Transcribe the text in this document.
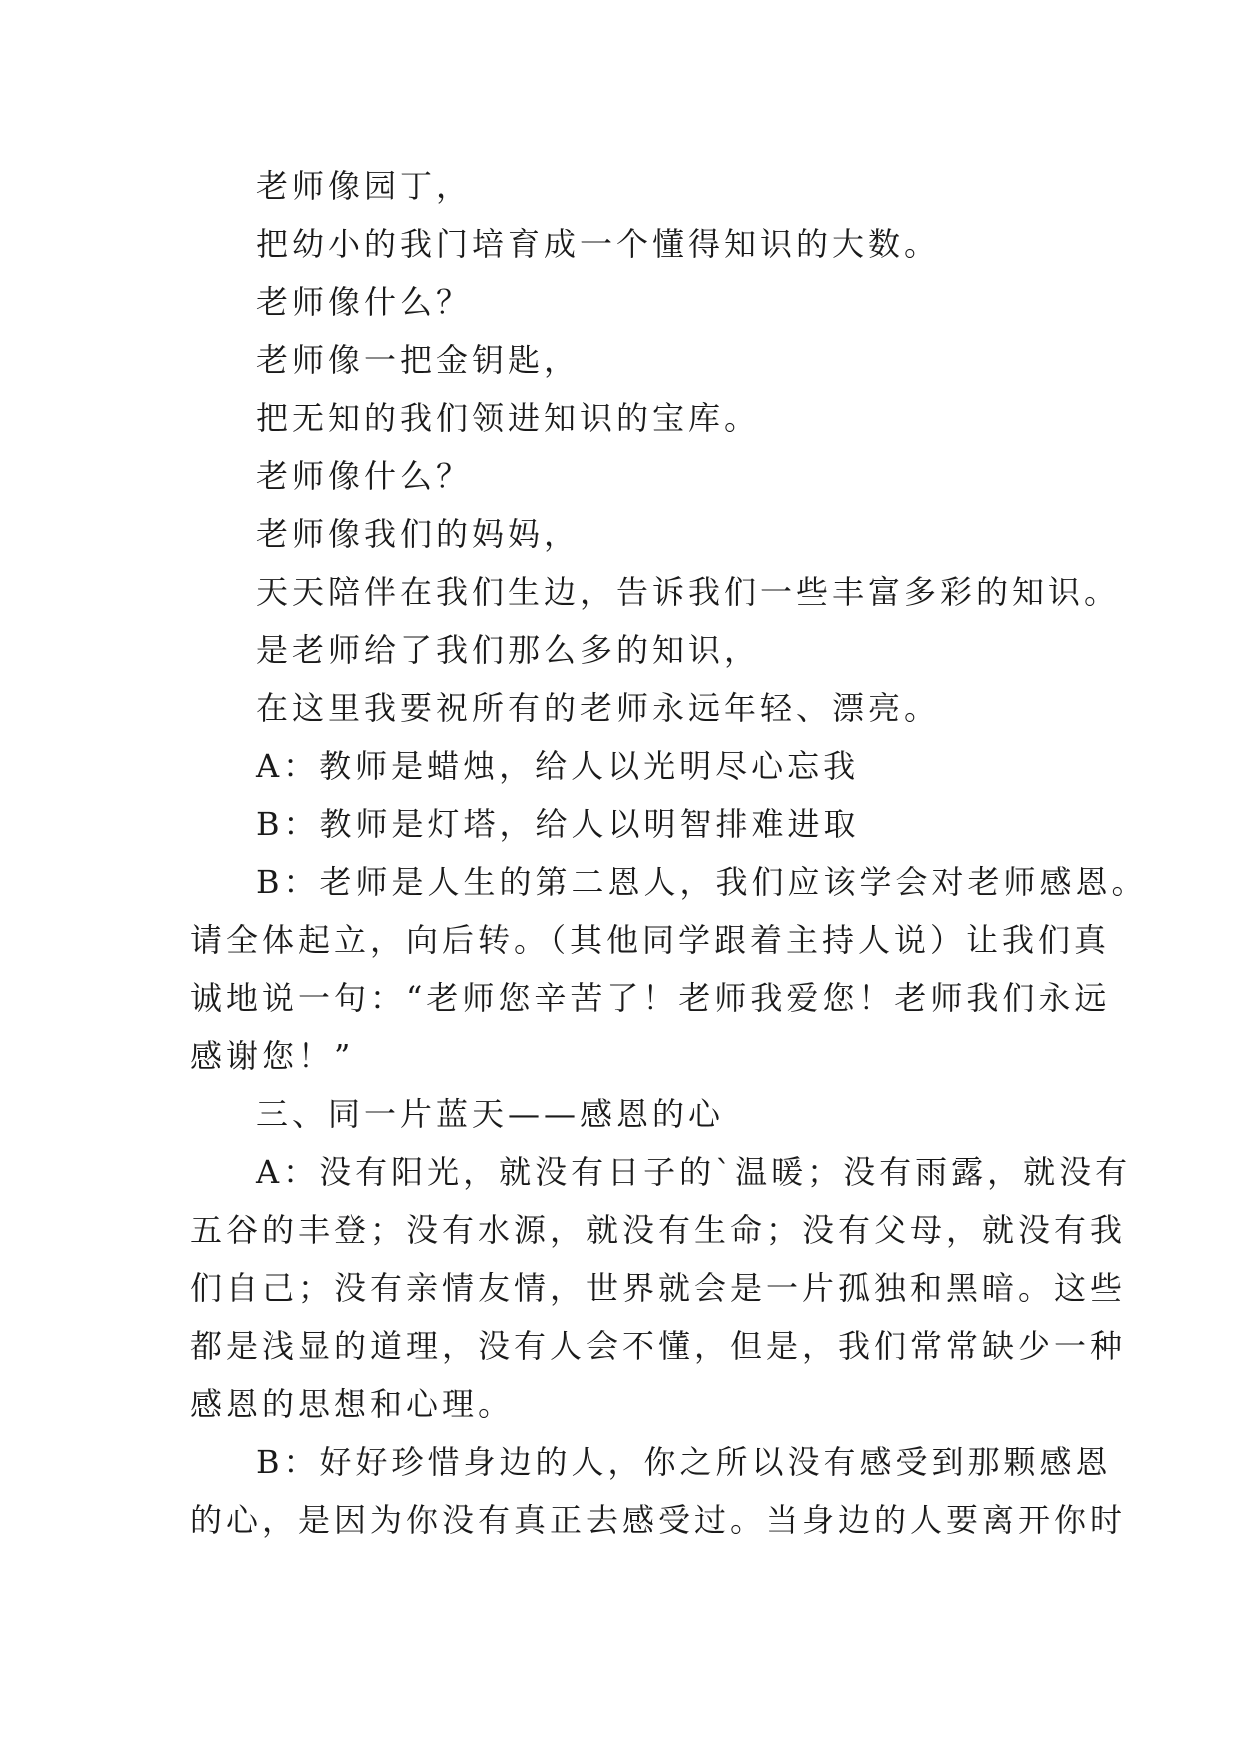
老师像园丁，
把幼小的我门培育成一个懂得知识的大数。
老师像什么？
老师像一把金钥匙，
把无知的我们领进知识的宝库。
老师像什么？
老师像我们的妈妈，
天天陪伴在我们生边，告诉我们一些丰富多彩的知识。
是老师给了我们那么多的知识，
在这里我要祝所有的老师永远年轻、漂亮。
A：教师是蜡烛，给人以光明尽心忘我
B：教师是灯塔，给人以明智排难进取
B：老师是人生的第二恩人，我们应该学会对老师感恩。
请全体起立，向后转。（其他同学跟着主持人说）让我们真
诚地说一句：“老师您辛苦了！老师我爱您！老师我们永远
感谢您！”
三、同一片蓝天——感恩的心
A：没有阳光，就没有日子的`温暖；没有雨露，就没有
五谷的丰登；没有水源，就没有生命；没有父母，就没有我
们自己；没有亲情友情，世界就会是一片孤独和黑暗。这些
都是浅显的道理，没有人会不懂，但是，我们常常缺少一种
感恩的思想和心理。
B：好好珍惜身边的人，你之所以没有感受到那颗感恩
的心，是因为你没有真正去感受过。当身边的人要离开你时
